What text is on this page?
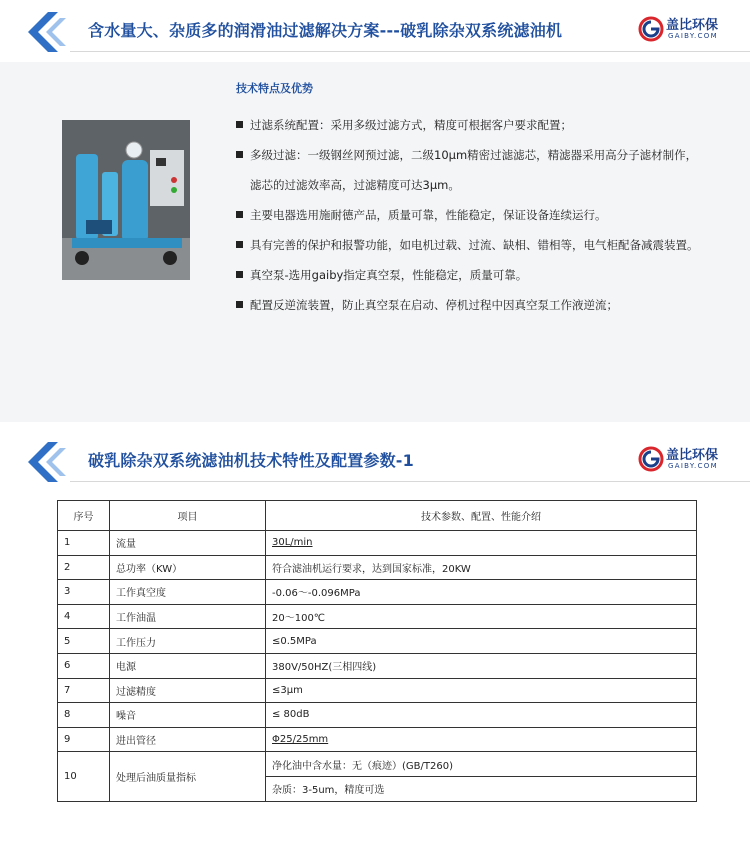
含水量大、杂质多的润滑油过滤解决方案---破乳除杂双系统滤油机	盖比环保
GAIBY.COM
技术特点及优势
过滤系统配置：采用多级过滤方式，精度可根据客户要求配置；
多级过滤：一级钢丝网预过滤，二级10μm精密过滤滤芯，精滤器采用高分子滤材制作，滤芯的过滤效率高，过滤精度可达3μm。
主要电器选用施耐德产品，质量可靠，性能稳定，保证设备连续运行。
具有完善的保护和报警功能，如电机过载、过流、缺相、错相等，电气柜配备减震装置。
真空泵-选用gaiby指定真空泵，性能稳定，质量可靠。
配置反逆流装置，防止真空泵在启动、停机过程中因真空泵工作液逆流；
破乳除杂双系统滤油机技术特性及配置参数-1	盖比环保
GAIBY.COM
序号	项目	技术参数、配置、性能介绍
1	流量	30L/min
2	总功率（KW）	符合滤油机运行要求，达到国家标准，20KW
3	工作真空度	-0.06～-0.096MPa
4	工作油温	20～100℃
5	工作压力	≤0.5MPa
6	电源	380V/50HZ(三相四线)
7	过滤精度	≤3μm
8	噪音	≤ 80dB
9	进出管径	Φ25/25mm
10	处理后油质量指标	净化油中含水量：无（痕迹）(GB/T260)
		杂质：3-5um，精度可选
